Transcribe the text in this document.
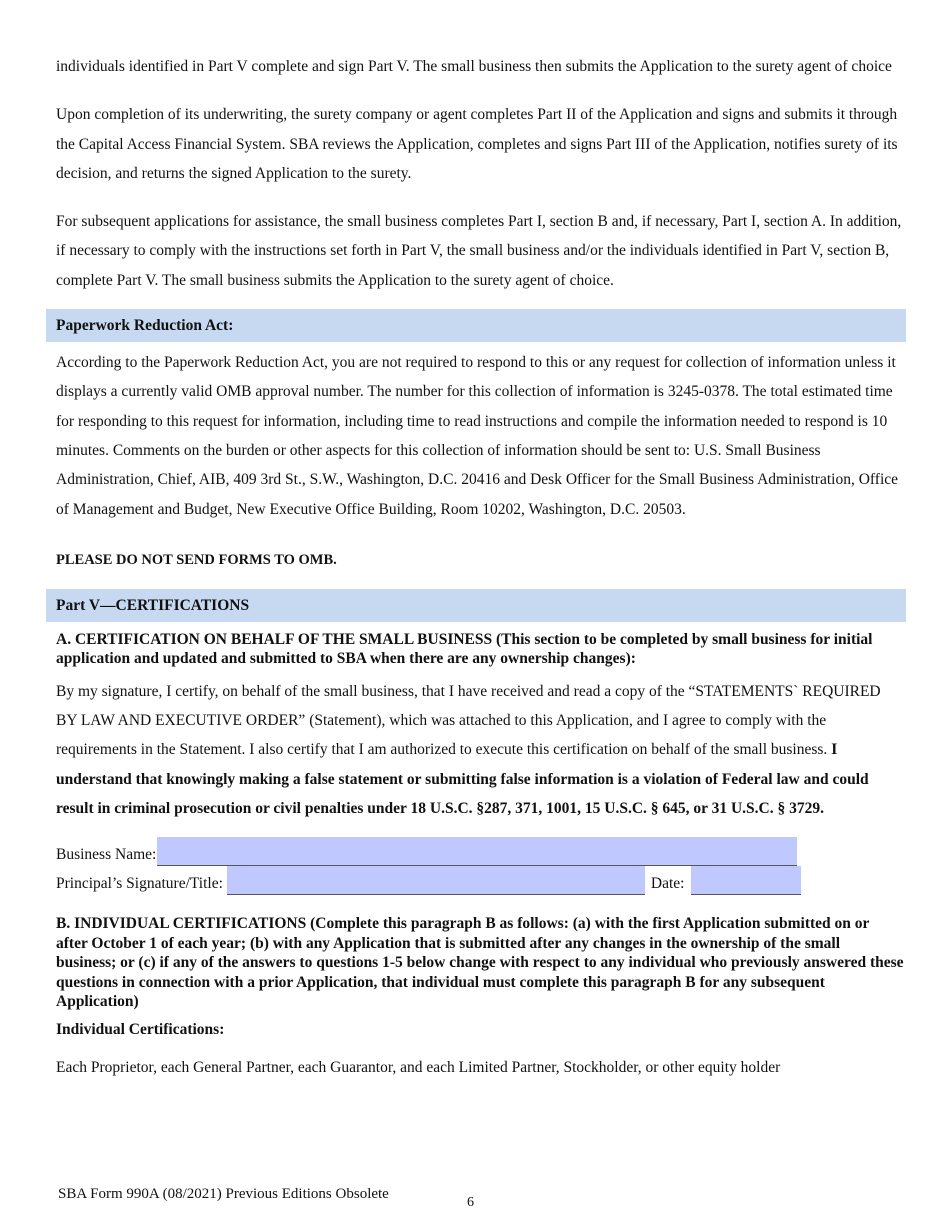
individuals identified in Part V complete and sign Part V. The small business then submits the Application to the surety agent of choice

Upon completion of its underwriting, the surety company or agent completes Part II of the Application and signs and submits it through the Capital Access Financial System. SBA reviews the Application, completes and signs Part III of the Application, notifies surety of its decision, and returns the signed Application to the surety.

For subsequent applications for assistance, the small business completes Part I, section B and, if necessary, Part I, section A. In addition, if necessary to comply with the instructions set forth in Part V, the small business and/or the individuals identified in Part V, section B, complete Part V. The small business submits the Application to the surety agent of choice.

Paperwork Reduction Act:

According to the Paperwork Reduction Act, you are not required to respond to this or any request for collection of information unless it displays a currently valid OMB approval number. The number for this collection of information is 3245-0378. The total estimated time for responding to this request for information, including time to read instructions and compile the information needed to respond is 10 minutes. Comments on the burden or other aspects for this collection of information should be sent to: U.S. Small Business Administration, Chief, AIB, 409 3rd St., S.W., Washington, D.C. 20416 and Desk Officer for the Small Business Administration, Office of Management and Budget, New Executive Office Building, Room 10202, Washington, D.C. 20503.

PLEASE DO NOT SEND FORMS TO OMB.
Part V—CERTIFICATIONS
A. CERTIFICATION ON BEHALF OF THE SMALL BUSINESS (This section to be completed by small business for initial application and updated and submitted to SBA when there are any ownership changes):

By my signature, I certify, on behalf of the small business, that I have received and read a copy of the “STATEMENTS` REQUIRED BY LAW AND EXECUTIVE ORDER” (Statement), which was attached to this Application, and I agree to comply with the requirements in the Statement. I also certify that I am authorized to execute this certification on behalf of the small business. I understand that knowingly making a false statement or submitting false information is a violation of Federal law and could result in criminal prosecution or civil penalties under 18 U.S.C. §287, 371, 1001, 15 U.S.C. § 645, or 31 U.S.C. § 3729.

Business Name:
Principal’s Signature/Title:	Date:
B. INDIVIDUAL CERTIFICATIONS (Complete this paragraph B as follows: (a) with the first Application submitted on or after October 1 of each year; (b) with any Application that is submitted after any changes in the ownership of the small business; or (c) if any of the answers to questions 1-5 below change with respect to any individual who previously answered these questions in connection with a prior Application, that individual must complete this paragraph B for any subsequent Application)
Individual Certifications:

Each Proprietor, each General Partner, each Guarantor, and each Limited Partner, Stockholder, or other equity holder

SBA Form 990A (08/2021) Previous Editions Obsolete
6
